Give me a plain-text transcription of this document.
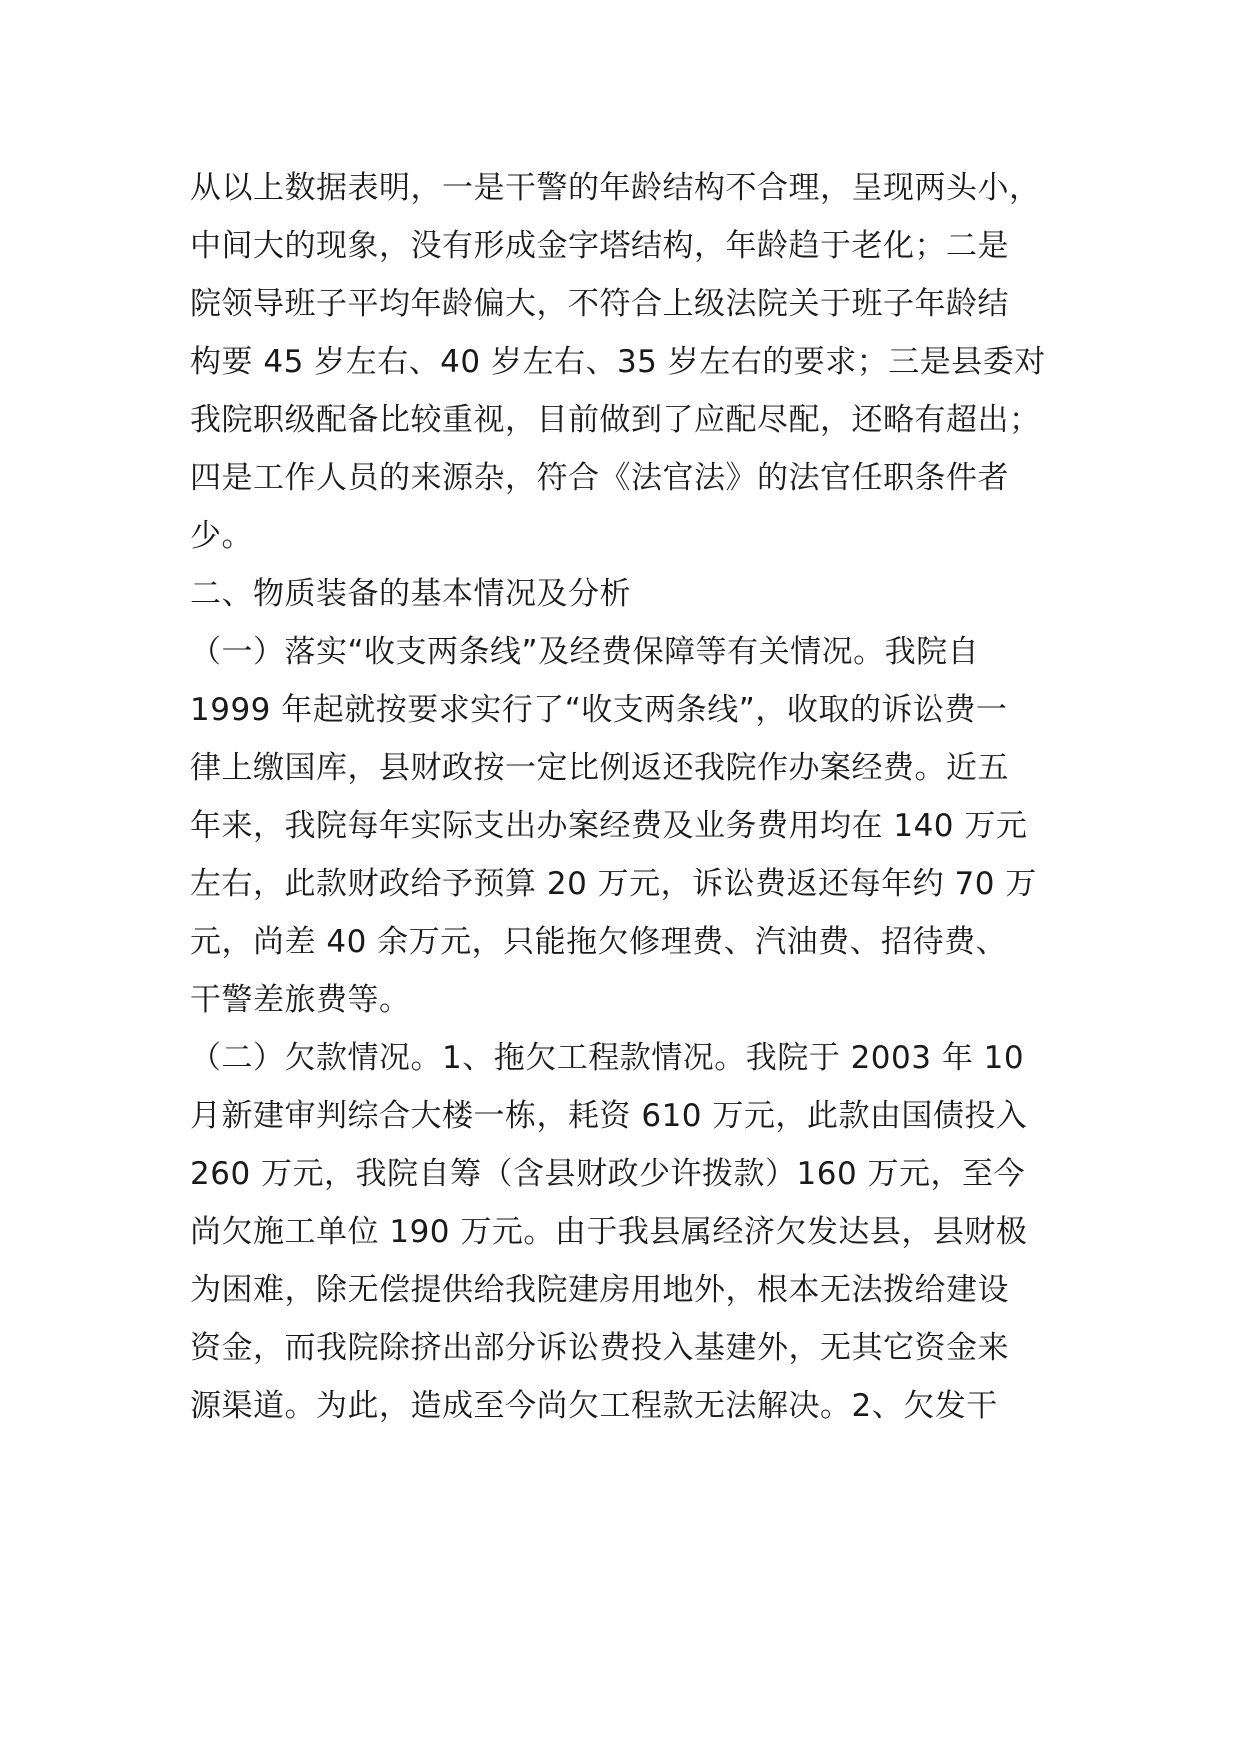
从以上数据表明，一是干警的年龄结构不合理，呈现两头小，
中间大的现象，没有形成金字塔结构，年龄趋于老化；二是
院领导班子平均年龄偏大，不符合上级法院关于班子年龄结
构要 45 岁左右、40 岁左右、35 岁左右的要求；三是县委对
我院职级配备比较重视，目前做到了应配尽配，还略有超出；
四是工作人员的来源杂，符合《法官法》的法官任职条件者
少。
二、物质装备的基本情况及分析
（一）落实“收支两条线”及经费保障等有关情况。我院自
1999 年起就按要求实行了“收支两条线”，收取的诉讼费一
律上缴国库，县财政按一定比例返还我院作办案经费。近五
年来，我院每年实际支出办案经费及业务费用均在 140 万元
左右，此款财政给予预算 20 万元，诉讼费返还每年约 70 万
元，尚差 40 余万元，只能拖欠修理费、汽油费、招待费、
干警差旅费等。
（二）欠款情况。1、拖欠工程款情况。我院于 2003 年 10
月新建审判综合大楼一栋，耗资 610 万元，此款由国债投入
260 万元，我院自筹（含县财政少许拨款）160 万元，至今
尚欠施工单位 190 万元。由于我县属经济欠发达县，县财极
为困难，除无偿提供给我院建房用地外，根本无法拨给建设
资金，而我院除挤出部分诉讼费投入基建外，无其它资金来
源渠道。为此，造成至今尚欠工程款无法解决。2、欠发干
